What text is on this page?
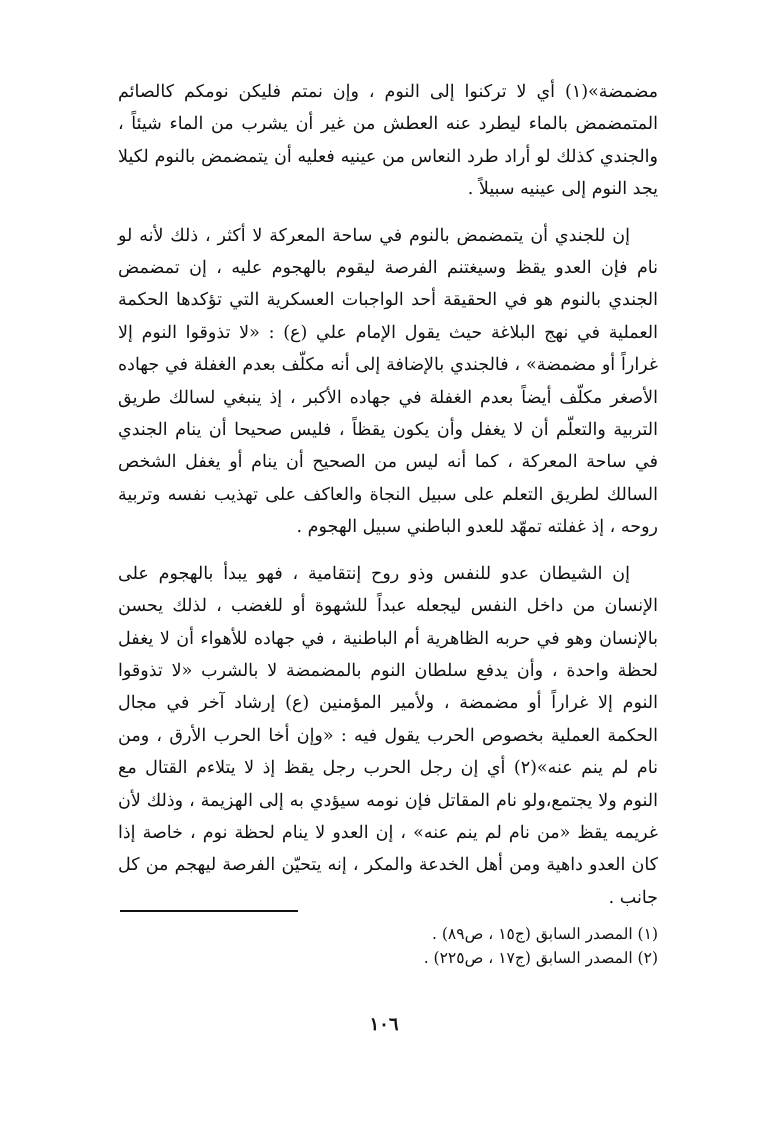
مضمضة»(١) أي لا تركنوا إلى النوم ، وإن نمتم فليكن نومكم كالصائم المتمضمض بالماء ليطرد عنه العطش من غير أن يشرب من الماء شيئاً ، والجندي كذلك لو أراد طرد النعاس من عينيه فعليه أن يتمضمض بالنوم لكيلا يجد النوم إلى عينيه سبيلاً .

إن للجندي أن يتمضمض بالنوم في ساحة المعركة لا أكثر ، ذلك لأنه لو نام فإن العدو يقظ وسيغتنم الفرصة ليقوم بالهجوم عليه ، إن تمضمض الجندي بالنوم هو في الحقيقة أحد الواجبات العسكرية التي تؤكدها الحكمة العملية في نهج البلاغة حيث يقول الإمام علي (ع) : «لا تذوقوا النوم إلا غراراً أو مضمضة» ، فالجندي بالإضافة إلى أنه مكلّف بعدم الغفلة في جهاده الأصغر مكلّف أيضاً بعدم الغفلة في جهاده الأكبر ، إذ ينبغي لسالك طريق التربية والتعلّم أن لا يغفل وأن يكون يقظاً ، فليس صحيحا أن ينام الجندي في ساحة المعركة ، كما أنه ليس من الصحيح أن ينام أو يغفل الشخص السالك لطريق التعلم على سبيل النجاة والعاكف على تهذيب نفسه وتربية روحه ، إذ غفلته تمهّد للعدو الباطني سبيل الهجوم .

إن الشيطان عدو للنفس وذو روح إنتقامية ، فهو يبدأ بالهجوم على الإنسان من داخل النفس ليجعله عبداً للشهوة أو للغضب ، لذلك يحسن بالإنسان وهو في حربه الظاهرية أم الباطنية ، في جهاده للأهواء أن لا يغفل لحظة واحدة ، وأن يدفع سلطان النوم بالمضمضة لا بالشرب «لا تذوقوا النوم إلا غراراً أو مضمضة ، ولأمير المؤمنين (ع) إرشاد آخر في مجال الحكمة العملية بخصوص الحرب يقول فيه : «وإن أخا الحرب الأرق ، ومن نام لم ينم عنه»(٢) أي إن رجل الحرب رجل يقظ إذ لا يتلاءم القتال مع النوم ولا يجتمع،ولو نام المقاتل فإن نومه سيؤدي به إلى الهزيمة ، وذلك لأن غريمه يقظ «من نام لم ينم عنه» ، إن العدو لا ينام لحظة نوم ، خاصة إذا كان العدو داهية ومن أهل الخدعة والمكر ، إنه يتحيّن الفرصة ليهجم من كل جانب .

(١) المصدر السابق (ج١٥ ، ص٨٩) .

(٢) المصدر السابق (ج١٧ ، ص٢٢٥) .

١٠٦
